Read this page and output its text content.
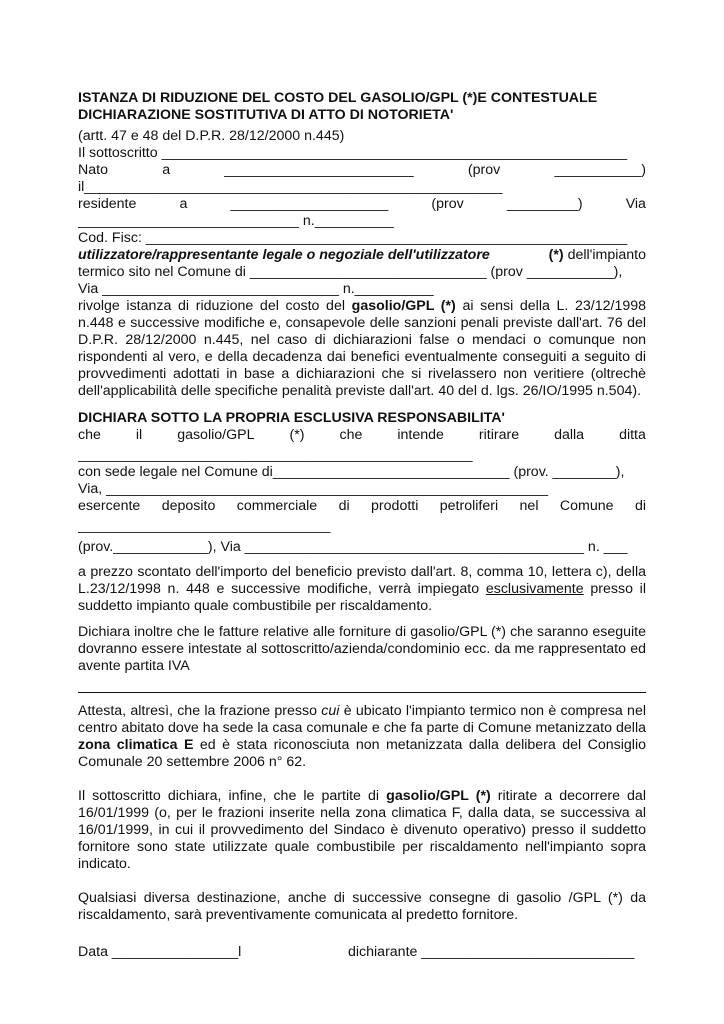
ISTANZA DI RIDUZIONE DEL COSTO DEL GASOLIO/GPL (*)E CONTESTUALE
DICHIARAZIONE SOSTITUTIVA DI ATTO DI NOTORIETA'
(artt. 47 e 48 del D.P.R. 28/12/2000 n.445)
Il sottoscritto ___________________________________________________________
Nato	a	________________________	(prov	___________)
il_____________________________________________________
residente	a	____________________	(prov	_________)	Via
____________________________ n.__________
Cod. Fisc: _____________________________________________________________
utilizzatore/rappresentante legale o negoziale dell'utilizzatore	(*) dell'impianto
termico sito nel Comune di ______________________________ (prov ___________),
Via ______________________________ n.__________

rivolge istanza di riduzione del costo del gasolio/GPL (*) ai sensi della L. 23/12/1998 n.448 e successive modifiche e, consapevole delle sanzioni penali previste dall'art. 76 del D.P.R. 28/12/2000 n.445, nel caso di dichiarazioni false o mendaci o comunque non rispondenti al vero, e della decadenza dai benefici eventualmente conseguiti a seguito di provvedimenti adottati in base a dichiarazioni che si rivelassero non veritiere (oltrechè dell'applicabilità delle specifiche penalità previste dall'art. 40 del d. lgs. 26/IO/1995 n.504).

DICHIARA SOTTO LA PROPRIA ESCLUSIVA RESPONSABILITA'
che il gasolio/GPL (*) che intende ritirare dalla ditta
__________________________________________________
con sede legale nel Comune di______________________________ (prov. ________),
Via, ________________________________________________________
esercente deposito commerciale di prodotti petroliferi nel Comune di
________________________________
(prov.____________), Via ___________________________________________ n. ___

a prezzo scontato dell'importo del beneficio previsto dall'art. 8, comma 10, lettera c), della L.23/12/1998 n. 448 e successive modifiche, verrà impiegato esclusivamente presso il suddetto impianto quale combustibile per riscaldamento.

Dichiara inoltre che le fatture relative alle forniture di gasolio/GPL (*) che saranno eseguite dovranno essere intestate al sottoscritto/azienda/condominio ecc. da me rappresentato ed avente partita IVA

Attesta, altresì, che la frazione presso cui è ubicato l'impianto termico non è compresa nel centro abitato dove ha sede la casa comunale e che fa parte di Comune metanizzato della zona climatica E ed è stata riconosciuta non metanizzata dalla delibera del Consiglio Comunale 20 settembre 2006 n° 62.

Il sottoscritto dichiara, infine, che le partite di gasolio/GPL (*) ritirate a decorrere dal 16/01/1999 (o, per le frazioni inserite nella zona climatica F, dalla data, se successiva al 16/01/1999, in cui il provvedimento del Sindaco è divenuto operativo) presso il suddetto fornitore sono state utilizzate quale combustibile per riscaldamento nell'impianto sopra indicato.

Qualsiasi diversa destinazione, anche di successive consegne di gasolio /GPL (*) da riscaldamento, sarà preventivamente comunicata al predetto fornitore.

Data ________________l	dichiarante ___________________________
